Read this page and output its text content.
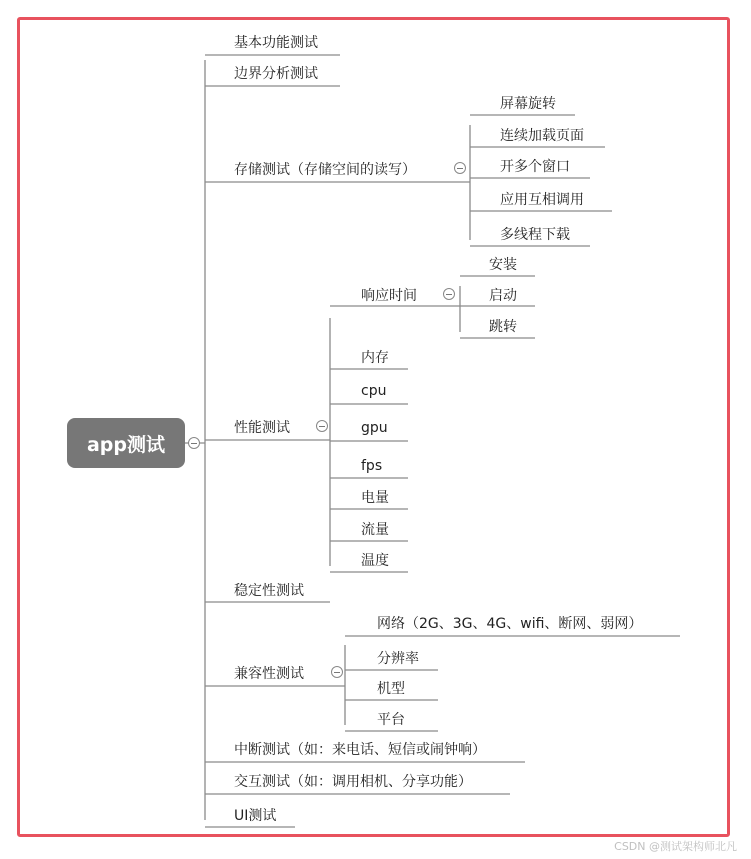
app测试
基本功能测试
边界分析测试
存储测试（存储空间的读写）
屏幕旋转
连续加载页面
开多个窗口
应用互相调用
多线程下载
性能测试
响应时间
安装
启动
跳转
内存
cpu
gpu
fps
电量
流量
温度
稳定性测试
兼容性测试
网络（2G、3G、4G、wifi、断网、弱网）
分辨率
机型
平台
中断测试（如：来电话、短信或闹钟响）
交互测试（如：调用相机、分享功能）
UI测试
CSDN @测试架构师北凡
